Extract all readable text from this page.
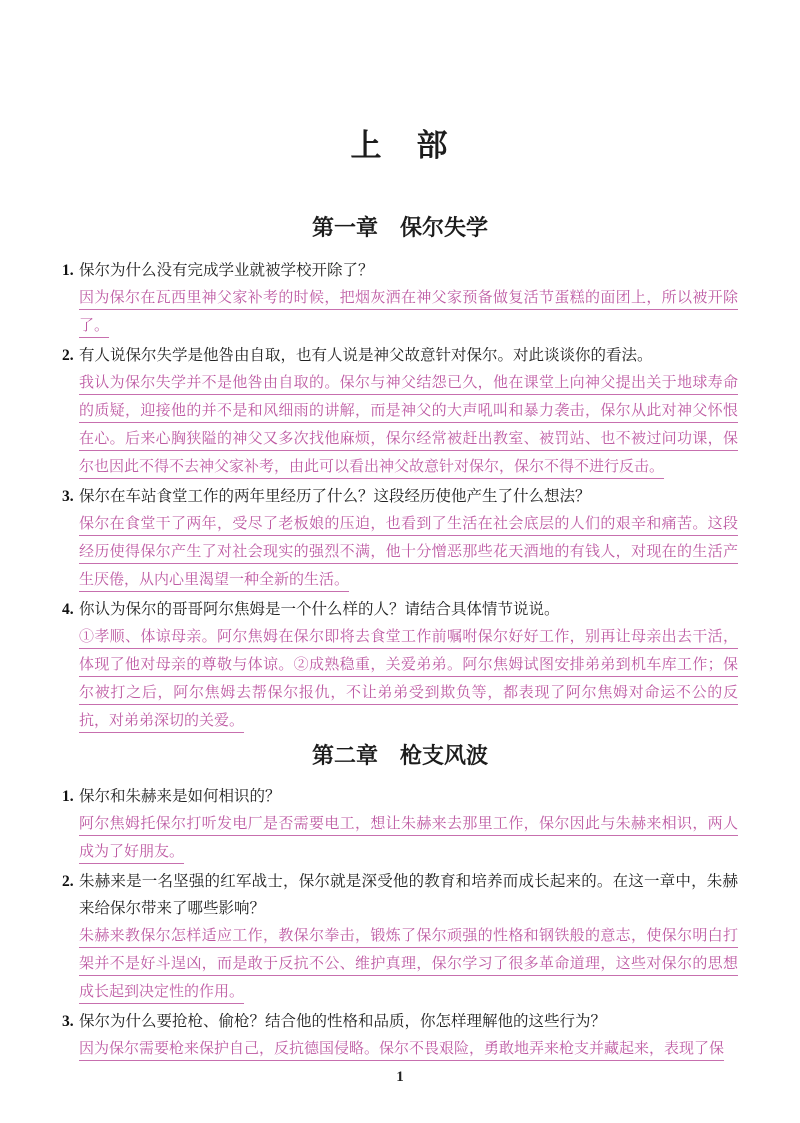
上　部
第一章　保尔失学
1. 保尔为什么没有完成学业就被学校开除了？
因为保尔在瓦西里神父家补考的时候，把烟灰洒在神父家预备做复活节蛋糕的面团上，所以被开除了。
2. 有人说保尔失学是他咎由自取，也有人说是神父故意针对保尔。对此谈谈你的看法。
我认为保尔失学并不是他咎由自取的。保尔与神父结怨已久，他在课堂上向神父提出关于地球寿命的质疑，迎接他的并不是和风细雨的讲解，而是神父的大声吼叫和暴力袭击，保尔从此对神父怀恨在心。后来心胸狭隘的神父又多次找他麻烦，保尔经常被赶出教室、被罚站、也不被过问功课，保尔也因此不得不去神父家补考，由此可以看出神父故意针对保尔，保尔不得不进行反击。
3. 保尔在车站食堂工作的两年里经历了什么？这段经历使他产生了什么想法？
保尔在食堂干了两年，受尽了老板娘的压迫，也看到了生活在社会底层的人们的艰辛和痛苦。这段经历使得保尔产生了对社会现实的强烈不满，他十分憎恶那些花天酒地的有钱人，对现在的生活产生厌倦，从内心里渴望一种全新的生活。
4. 你认为保尔的哥哥阿尔焦姆是一个什么样的人？请结合具体情节说说。
①孝顺、体谅母亲。阿尔焦姆在保尔即将去食堂工作前嘱咐保尔好好工作，别再让母亲出去干活，体现了他对母亲的尊敬与体谅。②成熟稳重，关爱弟弟。阿尔焦姆试图安排弟弟到机车库工作；保尔被打之后，阿尔焦姆去帮保尔报仇，不让弟弟受到欺负等，都表现了阿尔焦姆对命运不公的反抗，对弟弟深切的关爱。
第二章　枪支风波
1. 保尔和朱赫来是如何相识的？
阿尔焦姆托保尔打听发电厂是否需要电工，想让朱赫来去那里工作，保尔因此与朱赫来相识，两人成为了好朋友。
2. 朱赫来是一名坚强的红军战士，保尔就是深受他的教育和培养而成长起来的。在这一章中，朱赫来给保尔带来了哪些影响？
朱赫来教保尔怎样适应工作，教保尔拳击，锻炼了保尔顽强的性格和钢铁般的意志，使保尔明白打架并不是好斗逞凶，而是敢于反抗不公、维护真理，保尔学习了很多革命道理，这些对保尔的思想成长起到决定性的作用。
3. 保尔为什么要抢枪、偷枪？结合他的性格和品质，你怎样理解他的这些行为？
因为保尔需要枪来保护自己，反抗德国侵略。保尔不畏艰险，勇敢地弄来枪支并藏起来，表现了保
1
